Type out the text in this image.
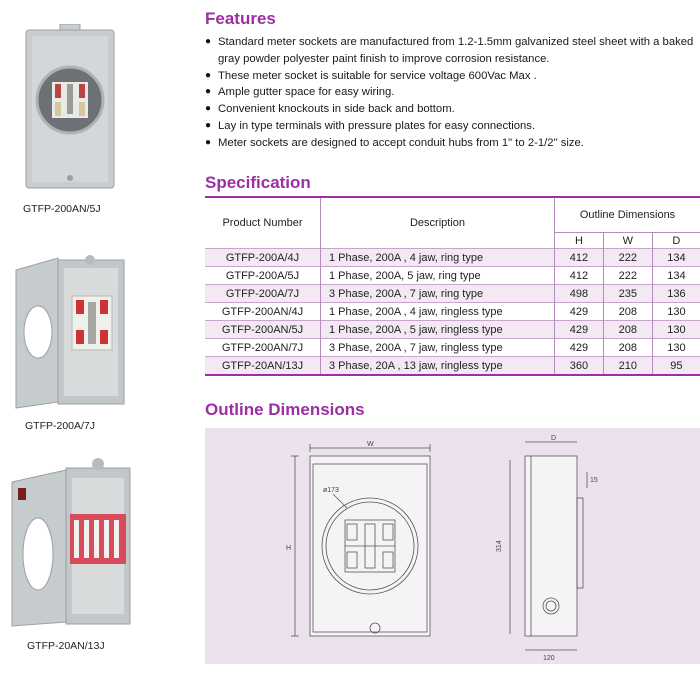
GTFP-200AN/5J
GTFP-200A/7J
GTFP-20AN/13J
Features
● Standard meter sockets are manufactured from 1.2-1.5mm galvanized steel sheet with a baked gray powder polyester paint finish to improve corrosion resistance.
● These meter socket is suitable for service voltage 600Vac Max .
● Ample gutter space for easy wiring.
● Convenient knockouts in side back and bottom.
● Lay in type terminals with pressure plates for easy connections.
● Meter sockets are designed to accept conduit hubs from 1" to 2-1/2" size.
Specification
Product Number	Description	Outline Dimensions		
		H	W	D
GTFP-200A/4J	1 Phase, 200A , 4 jaw, ring type	412	222	134
GTFP-200A/5J	1 Phase, 200A, 5 jaw, ring type	412	222	134
GTFP-200A/7J	3 Phase, 200A , 7 jaw, ring type	498	235	136
GTFP-200AN/4J	1 Phase, 200A , 4 jaw, ringless type	429	208	130
GTFP-200AN/5J	1 Phase, 200A , 5 jaw, ringless type	429	208	130
GTFP-200AN/7J	3 Phase, 200A , 7 jaw, ringless type	429	208	130
GTFP-20AN/13J	3 Phase, 20A , 13 jaw, ringless type	360	210	95
Outline Dimensions
W
H
ø173
D
314
15
120
